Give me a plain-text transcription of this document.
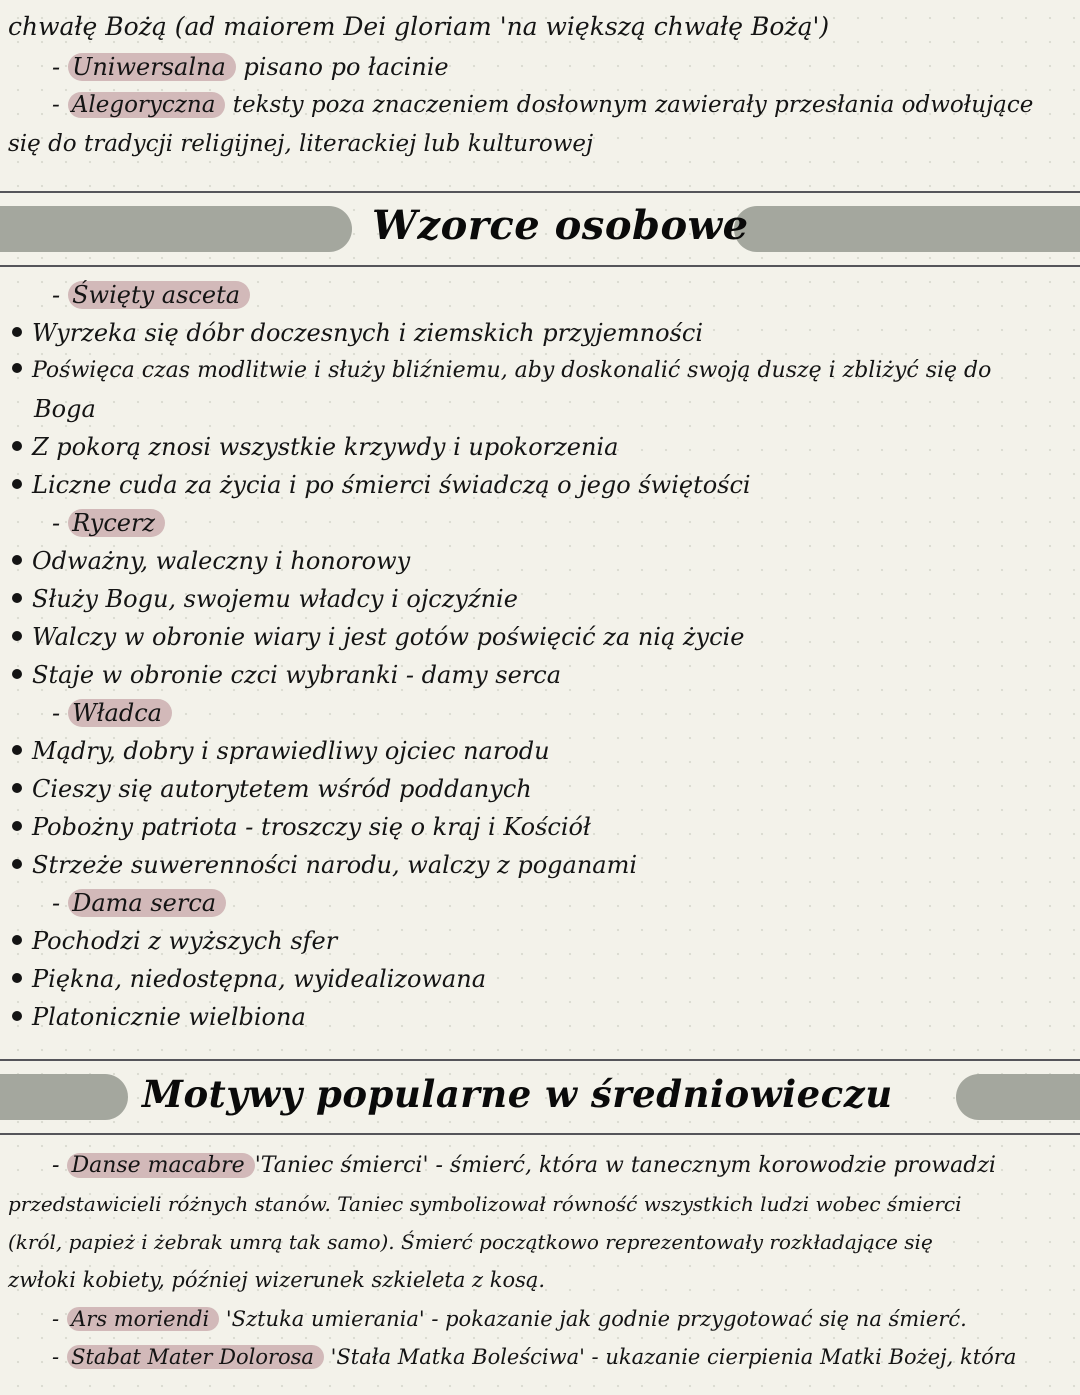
chwałę Bożą (ad maiorem Dei gloriam 'na większą chwałę Bożą')
- Uniwersalna pisano po łacinie
- Alegoryczna teksty poza znaczeniem dosłownym zawierały przesłania odwołujące
się do tradycji religijnej, literackiej lub kulturowej
Wzorce osobowe
- Święty asceta
Wyrzeka się dóbr doczesnych i ziemskich przyjemności
Poświęca czas modlitwie i służy bliźniemu, aby doskonalić swoją duszę i zbliżyć się do
Boga
Z pokorą znosi wszystkie krzywdy i upokorzenia
Liczne cuda za życia i po śmierci świadczą o jego świętości
- Rycerz
Odważny, waleczny i honorowy
Służy Bogu, swojemu władcy i ojczyźnie
Walczy w obronie wiary i jest gotów poświęcić za nią życie
Staje w obronie czci wybranki - damy serca
- Władca
Mądry, dobry i sprawiedliwy ojciec narodu
Cieszy się autorytetem wśród poddanych
Pobożny patriota - troszczy się o kraj i Kościół
Strzeże suwerenności narodu, walczy z poganami
- Dama serca
Pochodzi z wyższych sfer
Piękna, niedostępna, wyidealizowana
Platonicznie wielbiona
Motywy popularne w średniowieczu
- Danse macabre 'Taniec śmierci' - śmierć, która w tanecznym korowodzie prowadzi
przedstawicieli różnych stanów. Taniec symbolizował równość wszystkich ludzi wobec śmierci
(król, papież i żebrak umrą tak samo). Śmierć początkowo reprezentowały rozkładające się
zwłoki kobiety, później wizerunek szkieleta z kosą.
- Ars moriendi 'Sztuka umierania' - pokazanie jak godnie przygotować się na śmierć.
- Stabat Mater Dolorosa 'Stała Matka Boleściwa' - ukazanie cierpienia Matki Bożej, która
